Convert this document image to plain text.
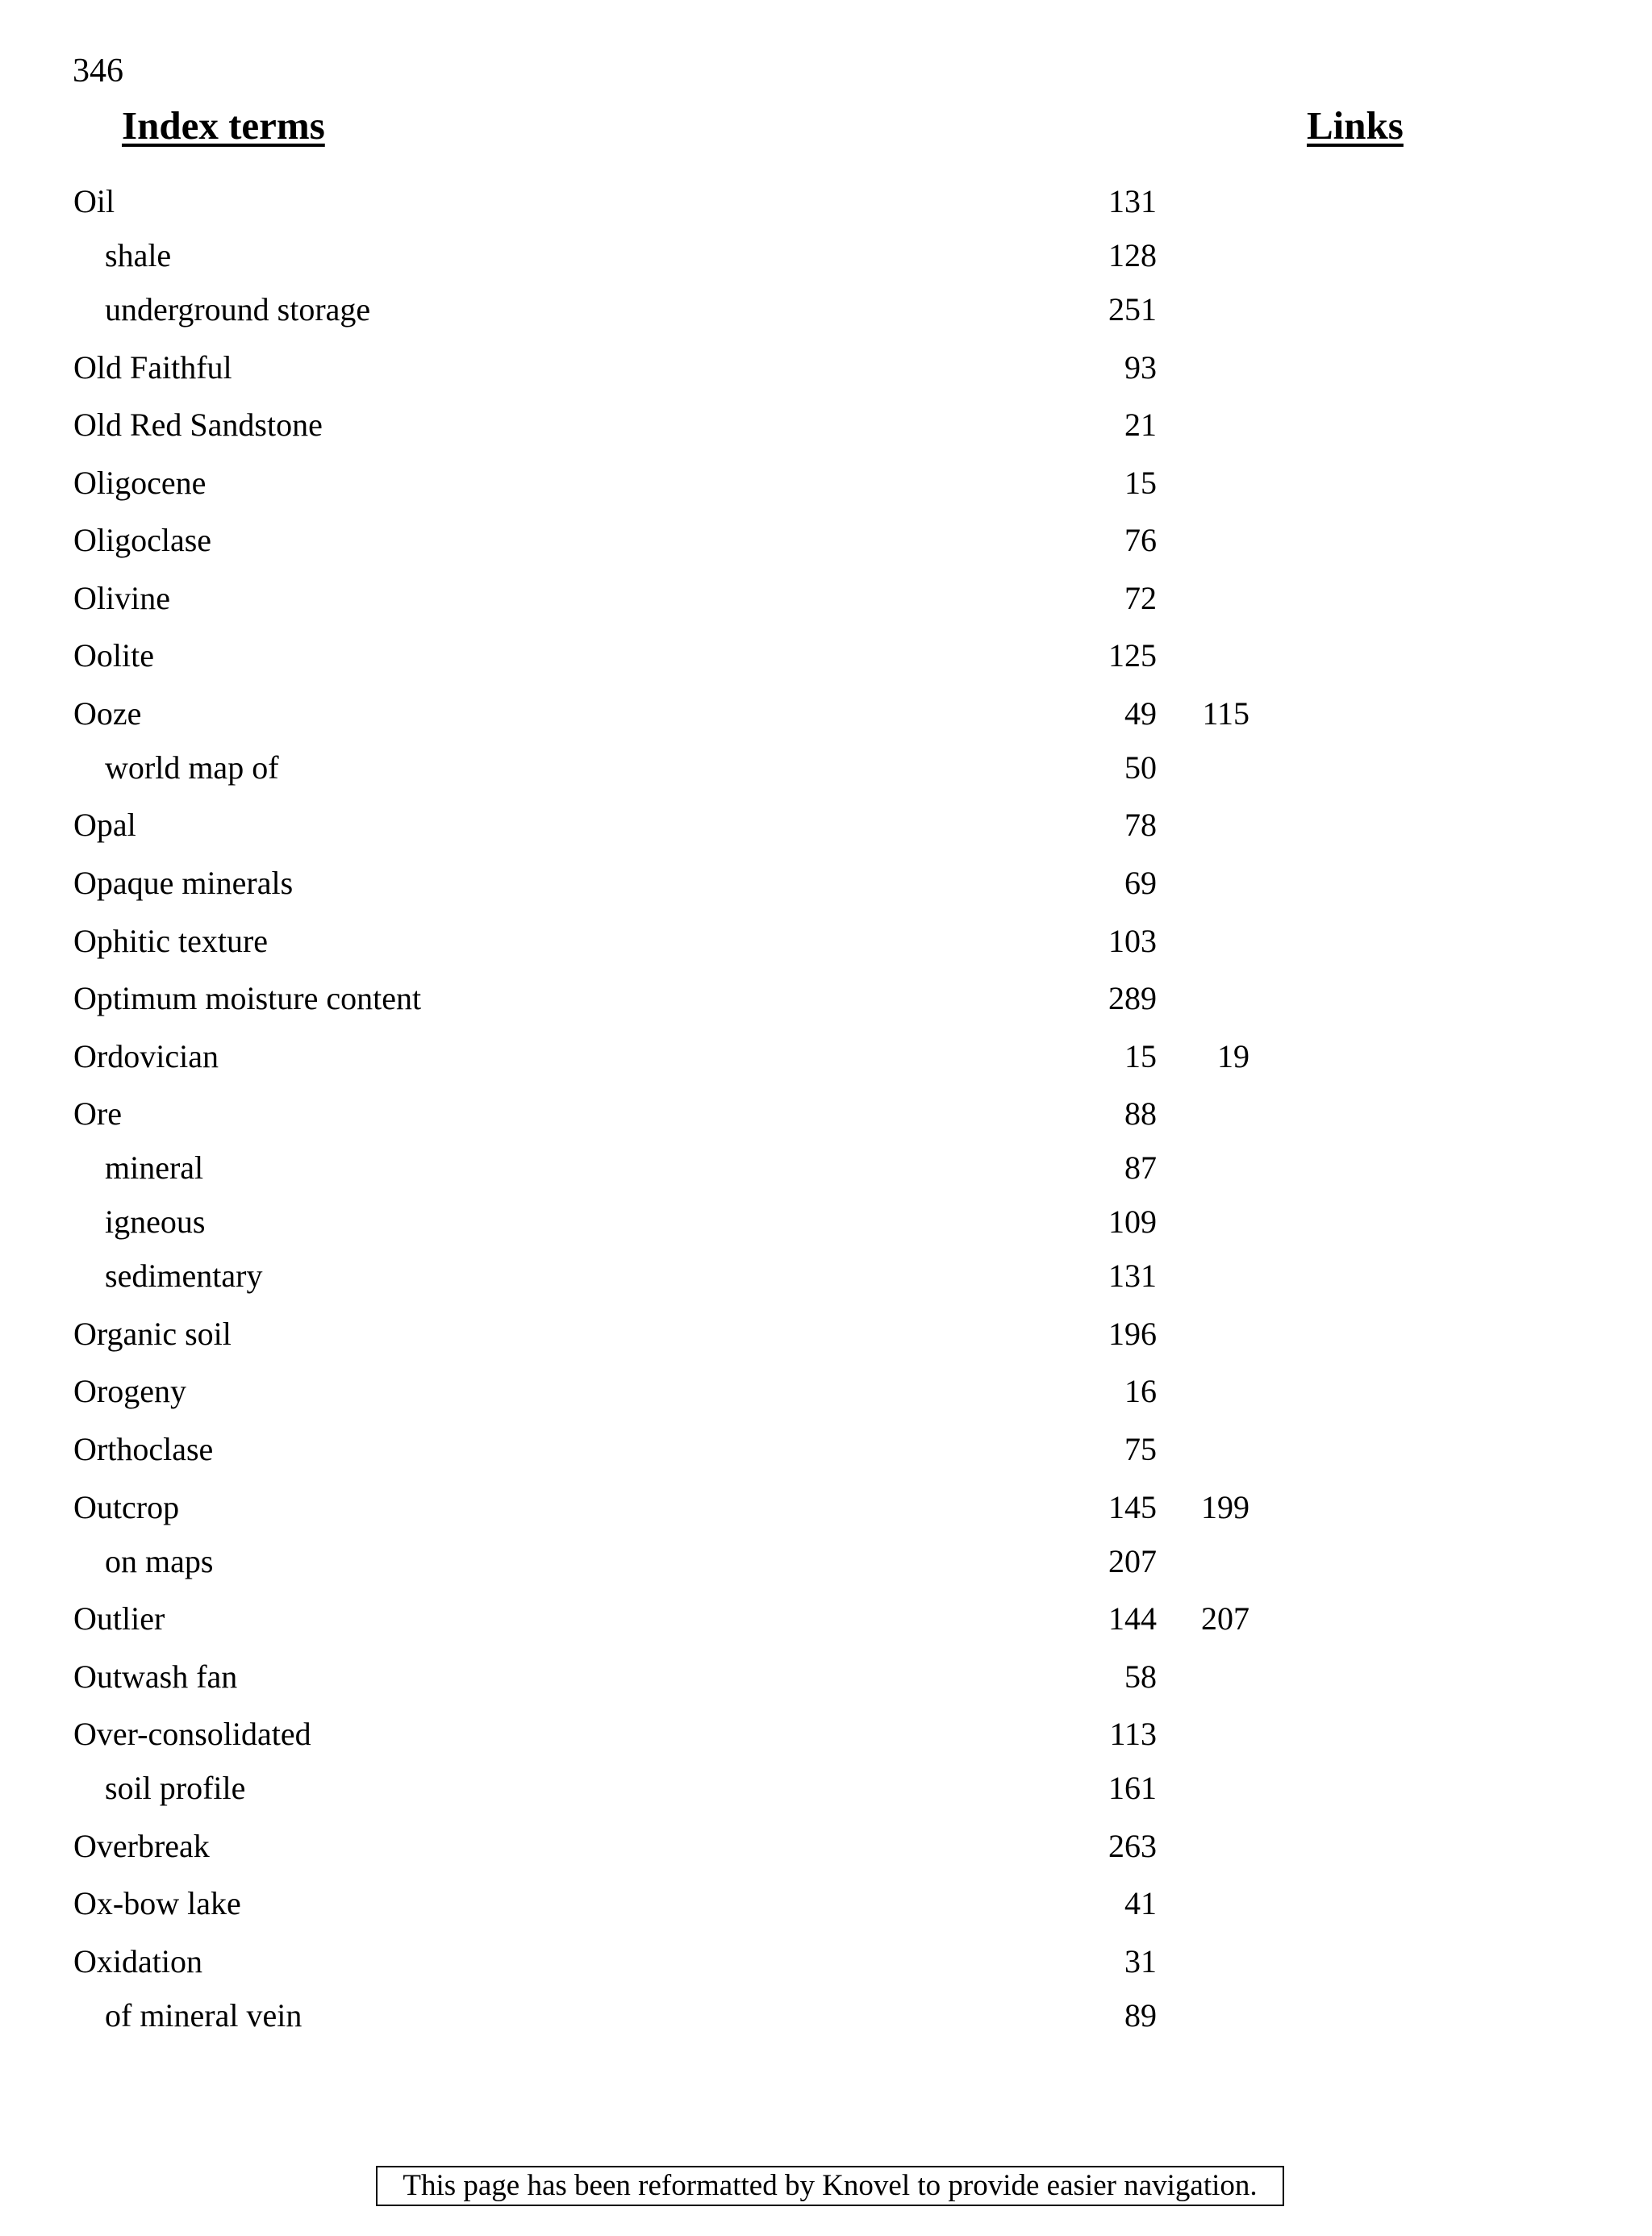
346
Index terms	Links
Oil	131
shale	128
underground storage	251
Old Faithful	93
Old Red Sandstone	21
Oligocene	15
Oligoclase	76
Olivine	72
Oolite	125
Ooze	49 115
world map of	50
Opal	78
Opaque minerals	69
Ophitic texture	103
Optimum moisture content	289
Ordovician	15 19
Ore	88
mineral	87
igneous	109
sedimentary	131
Organic soil	196
Orogeny	16
Orthoclase	75
Outcrop	145 199
on maps	207
Outlier	144 207
Outwash fan	58
Over-consolidated	113
soil profile	161
Overbreak	263
Ox-bow lake	41
Oxidation	31
of mineral vein	89
This page has been reformatted by Knovel to provide easier navigation.
